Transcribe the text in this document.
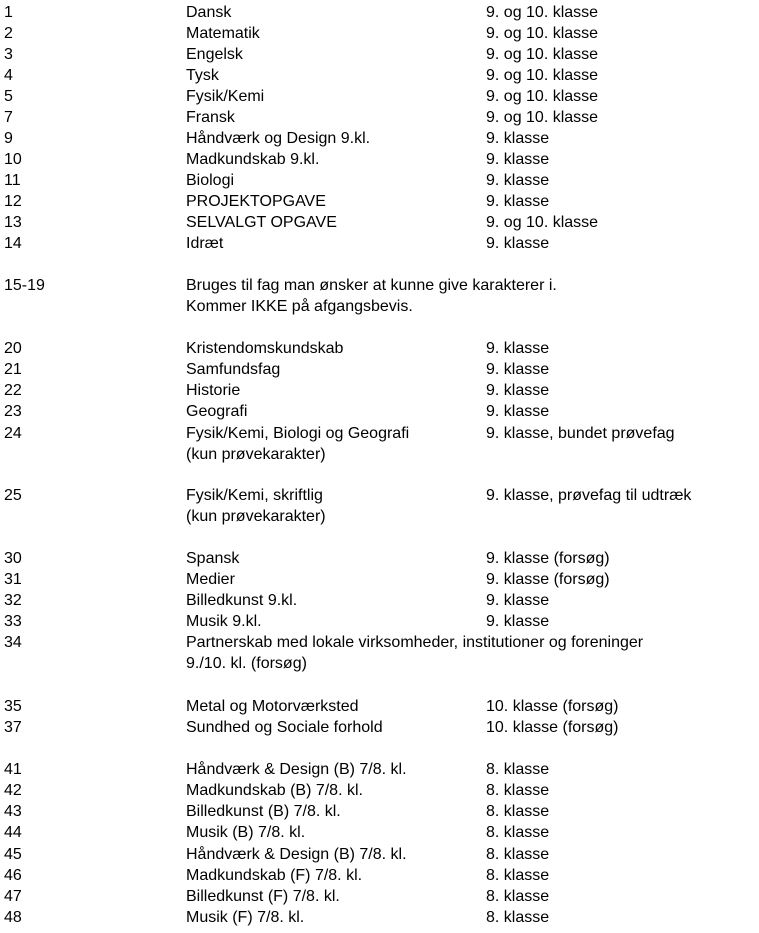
1	Dansk	9. og 10. klasse
2	Matematik	9. og 10. klasse
3	Engelsk	9. og 10. klasse
4	Tysk	9. og 10. klasse
5	Fysik/Kemi	9. og 10. klasse
7	Fransk	9. og 10. klasse
9	Håndværk og Design 9.kl.	9. klasse
10	Madkundskab 9.kl.	9. klasse
11	Biologi	9. klasse
12	PROJEKTOPGAVE	9. klasse
13	SELVALGT OPGAVE	9. og 10. klasse
14	Idræt	9. klasse
15-19	Bruges til fag man ønsker at kunne give karakterer i.
Kommer IKKE på afgangsbevis.
20	Kristendomskundskab	9. klasse
21	Samfundsfag	9. klasse
22	Historie	9. klasse
23	Geografi	9. klasse
24	Fysik/Kemi, Biologi og Geografi	9. klasse, bundet prøvefag
(kun prøvekarakter)
25	Fysik/Kemi, skriftlig	9. klasse, prøvefag til udtræk
(kun prøvekarakter)
30	Spansk	9. klasse (forsøg)
31	Medier	9. klasse (forsøg)
32	Billedkunst 9.kl.	9. klasse
33	Musik 9.kl.	9. klasse
34	Partnerskab med lokale virksomheder, institutioner og foreninger
9./10. kl. (forsøg)
35	Metal og Motorværksted	10. klasse (forsøg)
37	Sundhed og Sociale forhold	10. klasse (forsøg)
41	Håndværk & Design (B) 7/8. kl.	8. klasse
42	Madkundskab (B) 7/8. kl.	8. klasse
43	Billedkunst (B) 7/8. kl.	8. klasse
44	Musik (B) 7/8. kl.	8. klasse
45	Håndværk & Design (B) 7/8. kl.	8. klasse
46	Madkundskab (F) 7/8. kl.	8. klasse
47	Billedkunst (F) 7/8. kl.	8. klasse
48	Musik (F) 7/8. kl.	8. klasse
